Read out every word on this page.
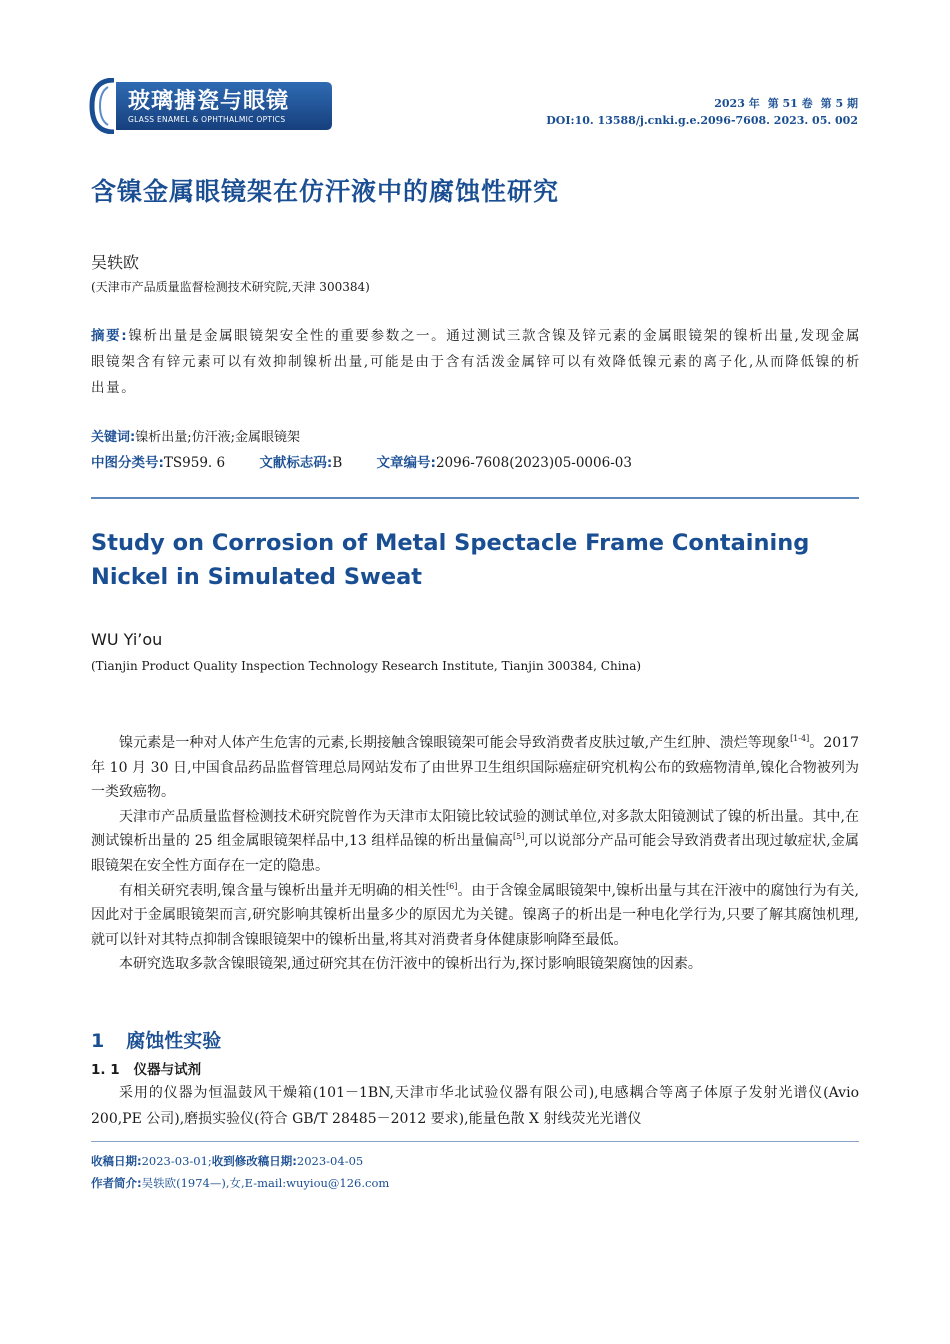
玻璃搪瓷与眼镜
GLASS ENAMEL & OPHTHALMIC OPTICS
2023 年 第 51 卷 第 5 期
DOI:10. 13588/j.cnki.g.e.2096-7608. 2023. 05. 002
含镍金属眼镜架在仿汗液中的腐蚀性研究
吴轶欧
(天津市产品质量监督检测技术研究院,天津 300384)
摘要:镍析出量是金属眼镜架安全性的重要参数之一。通过测试三款含镍及锌元素的金属眼镜架的镍析出量,发现金属眼镜架含有锌元素可以有效抑制镍析出量,可能是由于含有活泼金属锌可以有效降低镍元素的离子化,从而降低镍的析出量。
关键词:镍析出量;仿汗液;金属眼镜架
中图分类号:TS959. 6	文献标志码:B	文章编号:2096-7608(2023)05-0006-03
Study on Corrosion of Metal Spectacle Frame Containing Nickel in Simulated Sweat
WU Yi’ou
(Tianjin Product Quality Inspection Technology Research Institute, Tianjin 300384, China)

镍元素是一种对人体产生危害的元素,长期接触含镍眼镜架可能会导致消费者皮肤过敏,产生红肿、溃烂等现象[1-4]。2017 年 10 月 30 日,中国食品药品监督管理总局网站发布了由世界卫生组织国际癌症研究机构公布的致癌物清单,镍化合物被列为一类致癌物。

天津市产品质量监督检测技术研究院曾作为天津市太阳镜比较试验的测试单位,对多款太阳镜测试了镍的析出量。其中,在测试镍析出量的 25 组金属眼镜架样品中,13 组样品镍的析出量偏高[5],可以说部分产品可能会导致消费者出现过敏症状,金属眼镜架在安全性方面存在一定的隐患。

有相关研究表明,镍含量与镍析出量并无明确的相关性[6]。由于含镍金属眼镜架中,镍析出量与其在汗液中的腐蚀行为有关,因此对于金属眼镜架而言,研究影响其镍析出量多少的原因尤为关键。镍离子的析出是一种电化学行为,只要了解其腐蚀机理,就可以针对其特点抑制含镍眼镜架中的镍析出量,将其对消费者身体健康影响降至最低。

本研究选取多款含镍眼镜架,通过研究其在仿汗液中的镍析出行为,探讨影响眼镜架腐蚀的因素。

1 腐蚀性实验
1. 1 仪器与试剂

采用的仪器为恒温鼓风干燥箱(101－1BN,天津市华北试验仪器有限公司),电感耦合等离子体原子发射光谱仪(Avio 200,PE 公司),磨损实验仪(符合 GB/T 28485－2012 要求),能量色散 X 射线荧光光谱仪

收稿日期:2023-03-01;收到修改稿日期:2023-04-05
作者简介:吴轶欧(1974—),女,E-mail:wuyiou@126.com
